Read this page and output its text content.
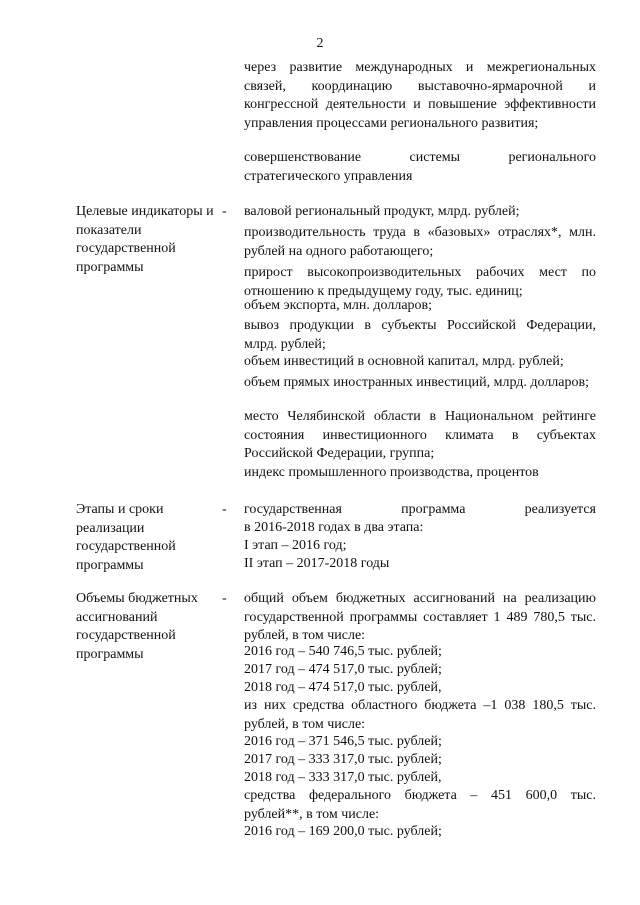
2

через развитие международных и межрегиональных связей, координацию выставочно-ярмарочной и конгрессной деятельности и повышение эффективности управления процессами регионального развития;

совершенствование системы регионального стратегического управления

Целевые индикаторы и показатели государственной программы
- валовой региональный продукт, млрд. рублей;

производительность труда в «базовых» отраслях*, млн. рублей на одного работающего;

прирост высокопроизводительных рабочих мест по отношению к предыдущему году, тыс. единиц;

объем экспорта, млн. долларов;

вывоз продукции в субъекты Российской Федерации, млрд. рублей;

объем инвестиций в основной капитал, млрд. рублей;

объем прямых иностранных инвестиций, млрд. долларов;

место Челябинской области в Национальном рейтинге состояния инвестиционного климата в субъектах Российской Федерации, группа;

индекс промышленного производства, процентов

Этапы и сроки реализации государственной программы
- государственная программа реализуется

в 2016-2018 годах в два этапа:

I этап – 2016 год;

II этап – 2017-2018 годы

Объемы бюджетных ассигнований государственной программы
- общий объем бюджетных ассигнований на реализацию государственной программы составляет 1 489 780,5 тыс. рублей, в том числе:

2016 год – 540 746,5 тыс. рублей;

2017 год – 474 517,0 тыс. рублей;

2018 год – 474 517,0 тыс. рублей,

из них средства областного бюджета –1 038 180,5 тыс. рублей, в том числе:

2016 год – 371 546,5 тыс. рублей;

2017 год – 333 317,0 тыс. рублей;

2018 год – 333 317,0 тыс. рублей,

средства федерального бюджета – 451 600,0 тыс. рублей**, в том числе:

2016 год – 169 200,0 тыс. рублей;
